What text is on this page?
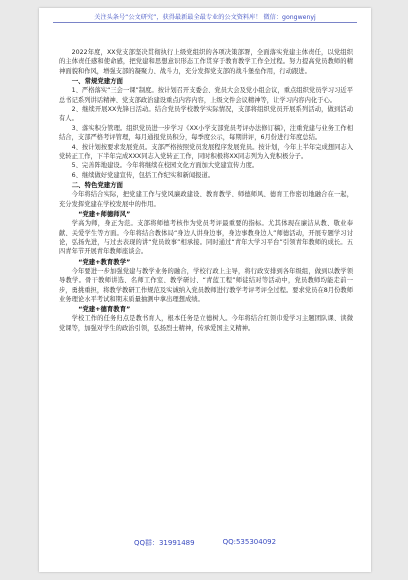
关注头条号“公文研究”，获得最新最全最专业的公文资料库！ 微信：gongwenyj

2022年度，XX党支部坚决贯彻执行上级党组织的各项决策部署，全面落实党建主体责任，以党组织的主体责任感和使命感，把党建和思想意识形态工作贯穿于教育教学工作全过程。努力提高党员教师的精神面貌和作风，增强支部的凝聚力、战斗力，充分发挥党支部的战斗堡垒作用，行动跟进。

一、常规党建方面

1、严格落实“三会一课”制度。按计划召开支委会、党员大会及党小组会议，重点组织党员学习习近平总书记系列讲话精神、党支部政治建设重点内容内容，上级文件会议精神等，让学习内容内化于心。

2、继续开展XX先锋日活动。结合党员学校教学实际情况，支部将组织党员开展系列活动，做到活动有人。

3、落实积分管理。组织党员进一步学习《XX小学支部党员考评办法修订稿》，注重党建与业务工作相结合，支部严格考评管理，每月通报党员积分，每季度公示，每期讲评，6月份进行年度总结。

4、按计划按要求发展党员。支部严格按照党员发展程序发展党员。按计划，今年上半年完成想同志入党转正工作，下半年完成XXX同志入党转正工作，同时积极将XX同志列为入党积极分子。

5、完善阵地建设。今年将继续在校园文化方面加大党建宣传力度。

6、继续做好党建宣传，包括工作纪实和新闻报道。

二、特色党建方面

今年将结合实际，把党建工作与党风廉政建设、教育教学、师德师风、德育工作密切地融合在一起，充分发挥党建在学校发展中的作用。

“党建+师德师风”

学高为师，身正为范。支部将师德考核作为党员考评最重要的指标。尤其体现在廉洁从教、敬业奉献、关爱学生等方面。今年将结合教体局“身边人讲身边事，身边事教身边人”师德活动，开展专题学习讨论，弘扬先进，与过去表现的讲“党员故事”相承接。同时通过“青年大学习平台”引领青年教师的成长。五四青年节开展青年教师座谈会。

“党建+教育教学”

今年要进一步加强党建与教学业务的融合，学校行政上主导，将行政安排到各年级组，做到以教学领导教学。骨干教师讲选、名师工作室、教学研讨、“青蓝工程”师徒结对等活动中，党员教师均能走前一步，勇挑重担，将教学教研工作规范及实诚纳入党员教师进行教学考评考评全过程。要求党员在8月份教师业务理论水平考试和期末质量抽测中拿出理想成绩。

“党建+德育教育”

学校工作的任务归点是教书育人，根本任务是立德树人。今年将结合红领巾爱学习主题团队课、读微党课等，加强对学生的政治引领，弘扬烈士精神，传承爱国主义精神。

QQ群：31991489	QQ:535304092
